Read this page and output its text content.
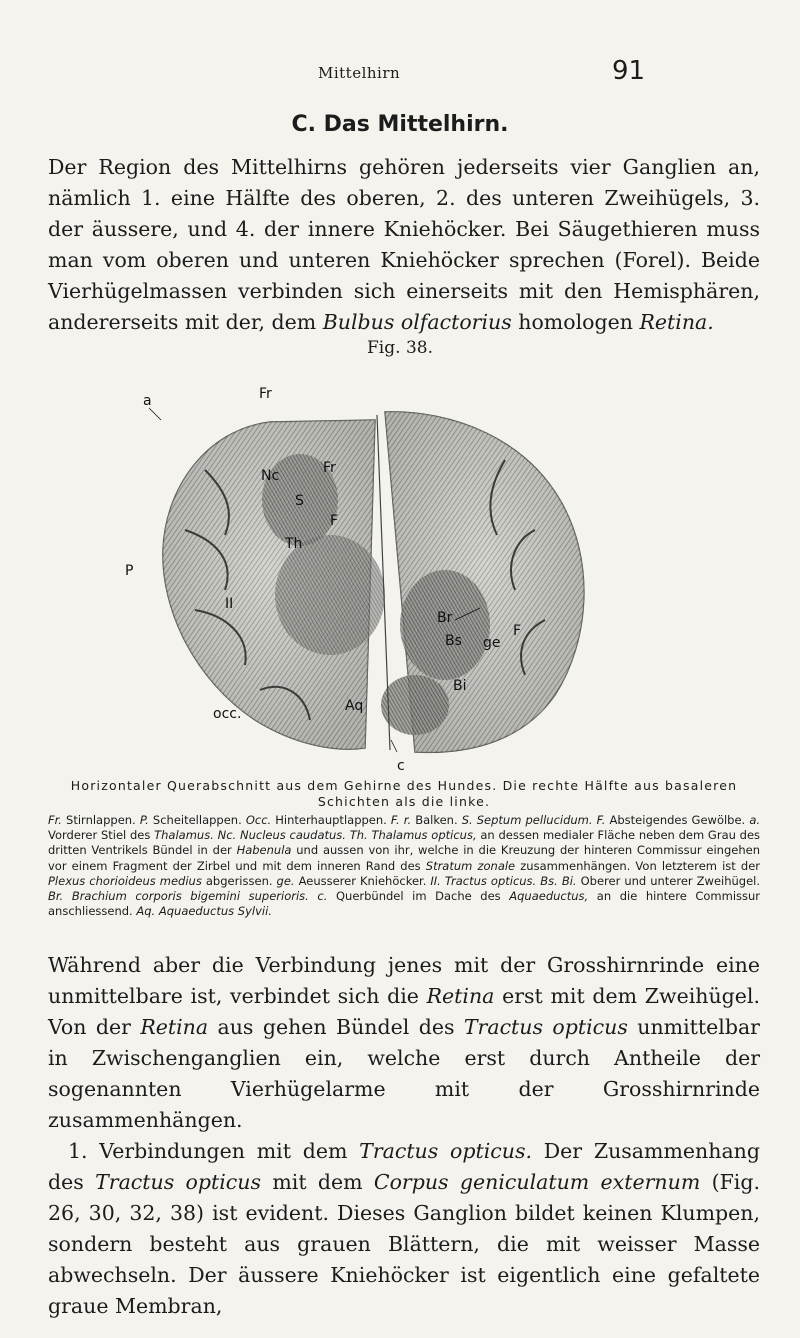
Mittelhirn	91
C. Das Mittelhirn.

Der Region des Mittelhirns gehören jederseits vier Ganglien an, nämlich 1. eine Hälfte des oberen, 2. des unteren Zweihügels, 3. der äussere, und 4. der innere Kniehöcker. Bei Säugethieren muss man vom oberen und unteren Kniehöcker sprechen (Forel). Beide Vierhügelmassen verbinden sich einerseits mit den Hemisphären, andererseits mit der, dem Bulbus olfactorius homologen Retina.

Fig. 38.
a	Fr
Nc	Fr
S
F
Th
P
II
Br
Bs ge
F
Bi
Aq
occ.
c
Horizontaler Querabschnitt aus dem Gehirne des Hundes. Die rechte Hälfte aus basaleren Schichten als die linke.
Fr. Stirnlappen. P. Scheitellappen. Occ. Hinterhauptlappen. F. r. Balken. S. Septum pellucidum. F. Absteigendes Gewölbe. a. Vorderer Stiel des Thalamus. Nc. Nucleus caudatus. Th. Thalamus opticus, an dessen medialer Fläche neben dem Grau des dritten Ventrikels Bündel in der Habenula und aussen von ihr, welche in die Kreuzung der hinteren Commissur eingehen vor einem Fragment der Zirbel und mit dem inneren Rand des Stratum zonale zusammenhängen. Von letzterem ist der Plexus chorioideus medius abgerissen. ge. Aeusserer Kniehöcker. II. Tractus opticus. Bs. Bi. Oberer und unterer Zweihügel. Br. Brachium corporis bigemini superioris. c. Querbündel im Dache des Aquaeductus, an die hintere Commissur anschliessend. Aq. Aquaeductus Sylvii.

Während aber die Verbindung jenes mit der Grosshirnrinde eine unmittelbare ist, verbindet sich die Retina erst mit dem Zweihügel. Von der Retina aus gehen Bündel des Tractus opticus unmittelbar in Zwischenganglien ein, welche erst durch Antheile der sogenannten Vierhügelarme mit der Grosshirnrinde zusammenhängen.

1. Verbindungen mit dem Tractus opticus. Der Zusammenhang des Tractus opticus mit dem Corpus geniculatum externum (Fig. 26, 30, 32, 38) ist evident. Dieses Ganglion bildet keinen Klumpen, sondern besteht aus grauen Blättern, die mit weisser Masse abwechseln. Der äussere Kniehöcker ist eigentlich eine gefaltete graue Membran,
